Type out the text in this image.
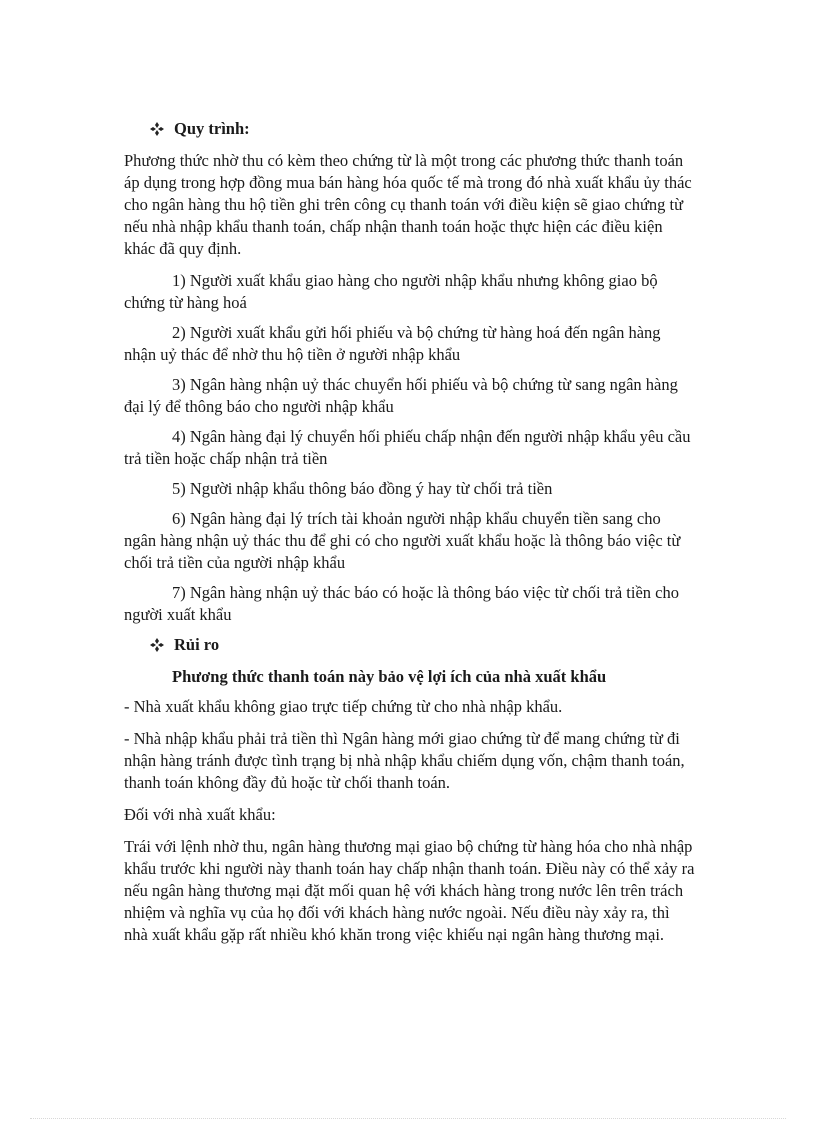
Quy trình:

Phương thức nhờ thu có kèm theo chứng từ là một trong các phương thức thanh toán áp dụng trong hợp đồng mua bán hàng hóa quốc tế mà trong đó nhà xuất khẩu ủy thác cho ngân hàng thu hộ tiền ghi trên công cụ thanh toán với điều kiện sẽ giao chứng từ nếu nhà nhập khẩu thanh toán, chấp nhận thanh toán hoặc thực hiện các điều kiện khác đã quy định.

1) Người xuất khẩu giao hàng cho người nhập khẩu nhưng không giao bộ chứng từ hàng hoá

2) Người xuất khẩu gửi hối phiếu và bộ chứng từ hàng hoá đến ngân hàng nhận uỷ thác để nhờ thu hộ tiền ở người nhập khẩu

3) Ngân hàng nhận uỷ thác chuyển hối phiếu và bộ chứng từ sang ngân hàng đại lý để thông báo cho người nhập khẩu

4) Ngân hàng đại lý chuyển hối phiếu chấp nhận đến người nhập khẩu yêu cầu trả tiền hoặc chấp nhận trả tiền

5) Người nhập khẩu thông báo đồng ý hay từ chối trả tiền

6) Ngân hàng đại lý trích tài khoản người nhập khẩu chuyển tiền sang cho ngân hàng nhận uỷ thác thu để ghi có cho người xuất khẩu hoặc là thông báo việc từ chối trả tiền của người nhập khẩu

7) Ngân hàng nhận uỷ thác báo có hoặc là thông báo việc từ chối trả tiền cho người xuất khẩu

Rủi ro

Phương thức thanh toán này bảo vệ lợi ích của nhà xuất khẩu

- Nhà xuất khẩu không giao trực tiếp chứng từ cho nhà nhập khẩu.

- Nhà nhập khẩu phải trả tiền thì Ngân hàng mới giao chứng từ để mang chứng từ đi nhận hàng tránh được tình trạng bị nhà nhập khẩu chiếm dụng vốn, chậm thanh toán, thanh toán không đầy đủ hoặc từ chối thanh toán.

Đối với nhà xuất khẩu:

Trái với lệnh nhờ thu, ngân hàng thương mại giao bộ chứng từ hàng hóa cho nhà nhập khẩu trước khi người này thanh toán hay chấp nhận thanh toán. Điều này có thể xảy ra nếu ngân hàng thương mại đặt mối quan hệ với khách hàng trong nước lên trên trách nhiệm và nghĩa vụ của họ đối với khách hàng nước ngoài. Nếu điều này xảy ra, thì nhà xuất khẩu gặp rất nhiều khó khăn trong việc khiếu nại ngân hàng thương mại.
